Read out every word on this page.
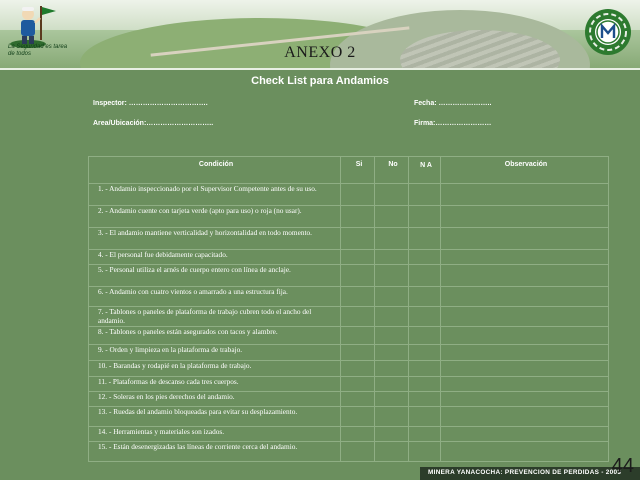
La Seguridad es tarea de todos	ANEXO 2
Check List para Andamios
Inspector: …………………………….	Fecha: …………………..
Area/Ubicación:………………………..	Firma:……………………
Condición	Si	No	N A	Observación
1. - Andamio inspeccionado por el Supervisor Competente antes de su uso.				
2. - Andamio cuente con tarjeta verde (apto para uso) o roja (no usar).				
3. - El andamio mantiene verticalidad y horizontalidad en todo momento.				
4. - El personal fue debidamente capacitado.				
5. - Personal utiliza el arnés de cuerpo entero con línea de anclaje.				
6. - Andamio con cuatro vientos o amarrado a una estructura fija.				
7. - Tablones o paneles de plataforma de trabajo cubren todo el ancho del andamio.				
8. - Tablones o paneles están asegurados con tacos y alambre.				
9. - Orden y limpieza en la plataforma de trabajo.				
10. - Barandas y rodapié en la plataforma de trabajo.				
11. - Plataformas de descanso cada tres cuerpos.				
12. - Soleras en los pies derechos del andamio.				
13. - Ruedas del andamio bloqueadas para evitar su desplazamiento.				
14. - Herramientas y materiales son izados.				
15. - Están desenergizadas las líneas de corriente cerca del andamio.				
MINERA YANACOCHA: PREVENCION DE PERDIDAS - 2003
44
